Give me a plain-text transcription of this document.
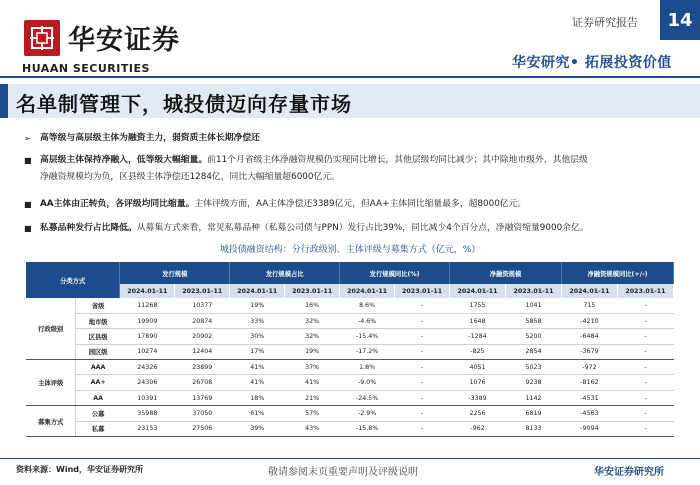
华安证券
HUAAN SECURITIES
证券研究报告	14
华安研究• 拓展投资价值
名单制管理下，城投债迈向存量市场
➢ 高等级与高层级主体为融资主力，弱资质主体长期净偿还
■ 高层级主体保持净融入，低等级大幅缩量。前11个月省级主体净融资规模仍实现同比增长，其他层级均同比减少；其中除地市级外，其他层级
净融资规模均为负，区县级主体净偿还1284亿，同比大幅缩量超6000亿元。
■ AA主体由正转负，各评级均同比缩量。主体评级方面，AA主体净偿还3389亿元，但AA+主体同比缩量最多，超8000亿元。
■ 私募品种发行占比降低。从募集方式来看，常见私募品种（私募公司债与PPN）发行占比39%，同比减少4个百分点，净融资缩量9000余亿。
城投债融资结构：分行政级别、主体评级与募集方式（亿元，%）
分类方式		发行规模		发行规模占比		发行规模同比(%)		净融资规模		净融资规模同比(+/-)	
		2024.01-11	2023.01-11	2024.01-11	2023.01-11	2024.01-11	2023.01-11	2024.01-11	2023.01-11	2024.01-11	2023.01-11
行政级别	省级	11268	10377	19%	16%	8.6%	-	1755	1041	715	-
	地市级	19909	20874	33%	32%	-4.6%	-	1648	5858	-4210	-
	区县级	17890	20902	30%	32%	-15.4%	-	-1284	5200	-6484	-
	园区级	10274	12404	17%	19%	-17.2%	-	-825	2854	-3679	-
主体评级	AAA	24326	23899	41%	37%	1.8%	-	4051	5023	-972	-
	AA+	24306	26708	41%	41%	-9.0%	-	1076	9238	-8162	-
	AA	10391	13769	18%	21%	-24.5%	-	-3389	1142	-4531	-
募集方式	公募	35988	37050	61%	57%	-2.9%	-	2256	6819	-4563	-
	私募	23153	27506	39%	43%	-15.8%	-	-962	8133	-9094	-
资料来源：Wind，华安证券研究所	敬请参阅末页重要声明及评级说明	华安证券研究所
